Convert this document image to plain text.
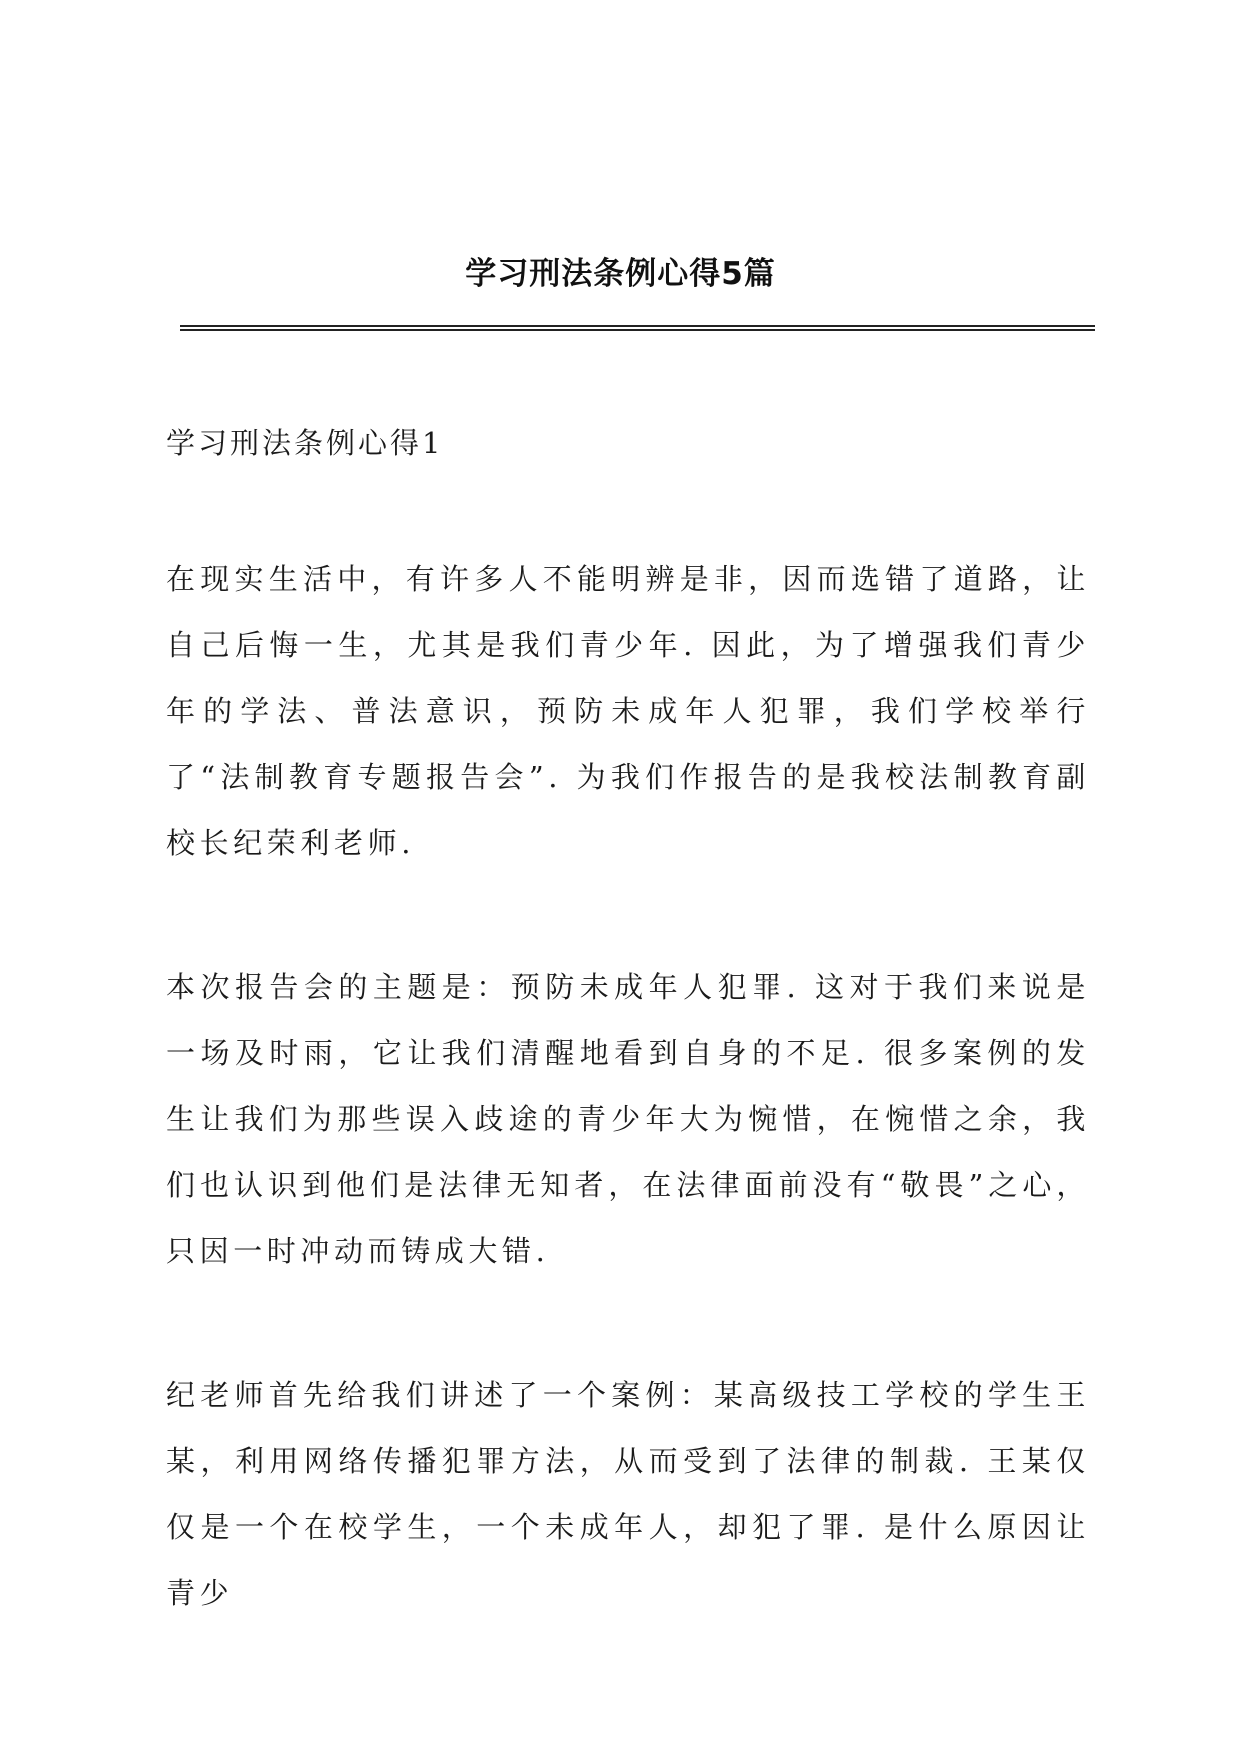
学习刑法条例心得5篇

学习刑法条例心得1

在现实生活中，有许多人不能明辨是非，因而选错了道路，让自己后悔一生，尤其是我们青少年. 因此，为了增强我们青少年的学法、普法意识，预防未成年人犯罪，我们学校举行了“法制教育专题报告会”. 为我们作报告的是我校法制教育副校长纪荣利老师.

本次报告会的主题是：预防未成年人犯罪. 这对于我们来说是一场及时雨，它让我们清醒地看到自身的不足. 很多案例的发生让我们为那些误入歧途的青少年大为惋惜，在惋惜之余，我们也认识到他们是法律无知者，在法律面前没有“敬畏”之心，只因一时冲动而铸成大错.

纪老师首先给我们讲述了一个案例：某高级技工学校的学生王某，利用网络传播犯罪方法，从而受到了法律的制裁. 王某仅仅是一个在校学生，一个未成年人，却犯了罪. 是什么原因让青少
